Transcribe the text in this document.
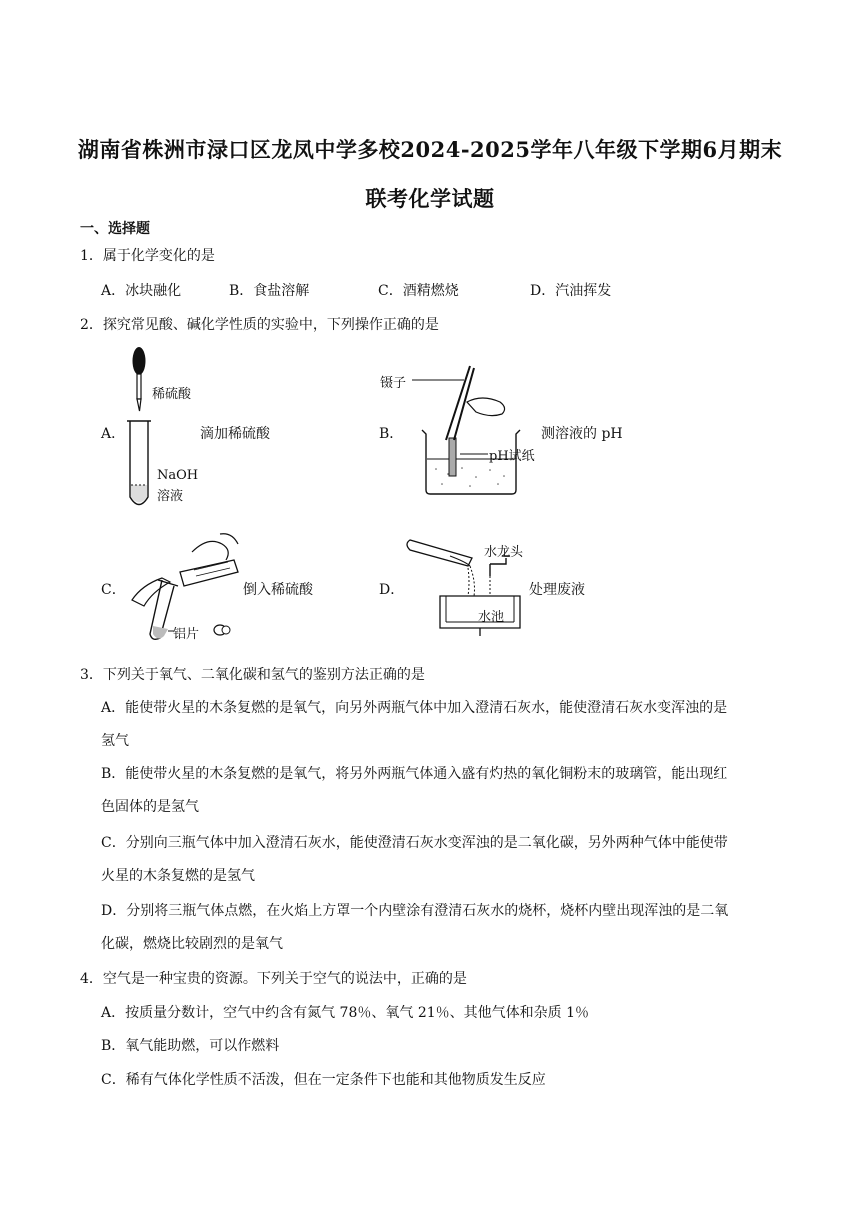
湖南省株洲市渌口区龙凤中学多校2024-2025学年八年级下学期6月期末
联考化学试题
一、选择题
1．属于化学变化的是
A．冰块融化	B．食盐溶解	C．酒精燃烧	D．汽油挥发
2．探究常见酸、碱化学性质的实验中，下列操作正确的是
A．
稀硫酸
NaOH
溶液
滴加稀硫酸	B．
镊子
pH试纸
测溶液的 pH
C．
铝片
倒入稀硫酸	D．
水龙头
水池
处理废液
3．下列关于氧气、二氧化碳和氢气的鉴别方法正确的是
A．能使带火星的木条复燃的是氧气，向另外两瓶气体中加入澄清石灰水，能使澄清石灰水变浑浊的是
氢气
B．能使带火星的木条复燃的是氧气，将另外两瓶气体通入盛有灼热的氧化铜粉末的玻璃管，能出现红
色固体的是氢气
C．分别向三瓶气体中加入澄清石灰水，能使澄清石灰水变浑浊的是二氧化碳，另外两种气体中能使带
火星的木条复燃的是氢气
D．分别将三瓶气体点燃，在火焰上方罩一个内壁涂有澄清石灰水的烧杯，烧杯内壁出现浑浊的是二氧
化碳，燃烧比较剧烈的是氧气
4．空气是一种宝贵的资源。下列关于空气的说法中，正确的是
A．按质量分数计，空气中约含有氮气 78％、氧气 21％、其他气体和杂质 1％
B．氧气能助燃，可以作燃料
C．稀有气体化学性质不活泼，但在一定条件下也能和其他物质发生反应
